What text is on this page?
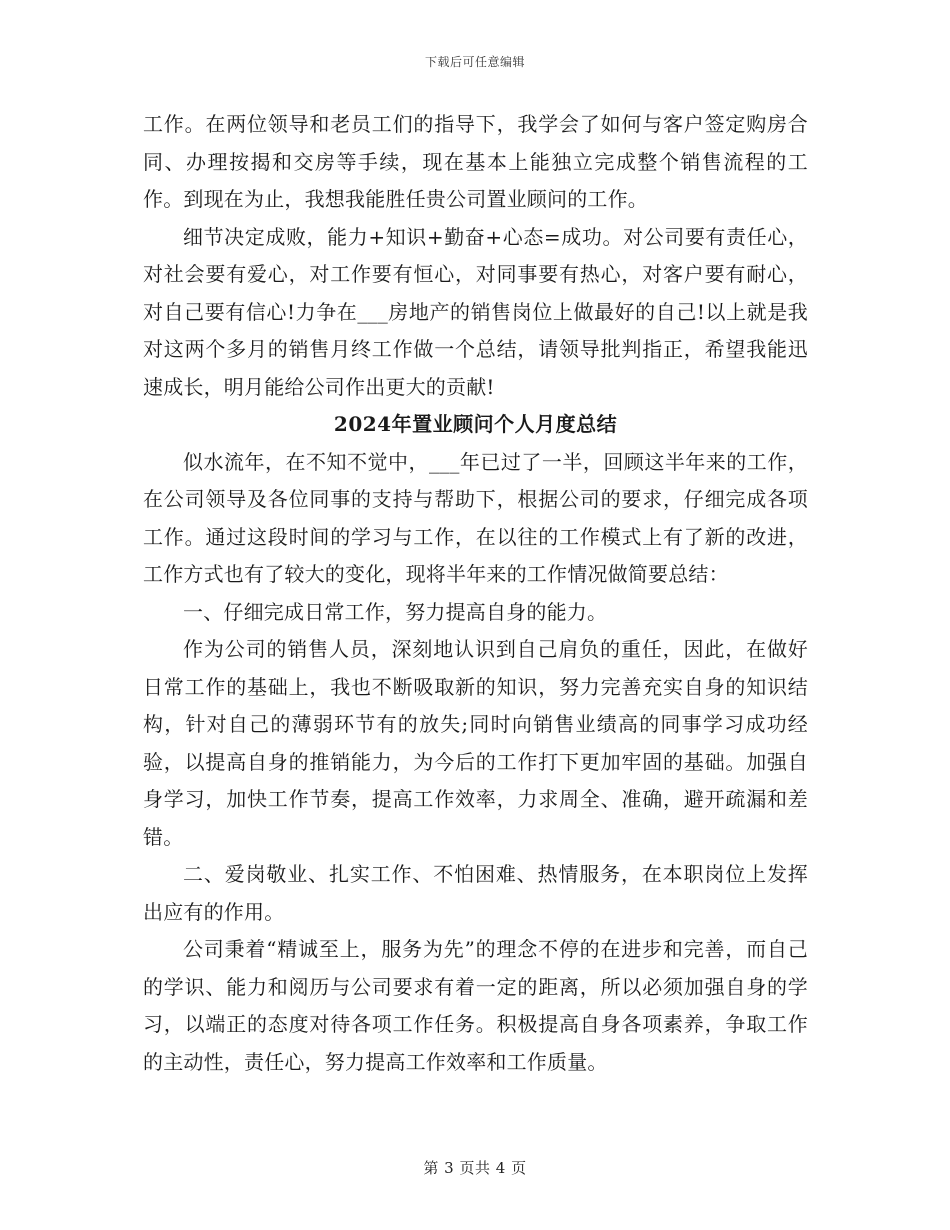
下载后可任意编辑

工作。在两位领导和老员工们的指导下，我学会了如何与客户签定购房合同、办理按揭和交房等手续，现在基本上能独立完成整个销售流程的工作。到现在为止，我想我能胜任贵公司置业顾问的工作。

细节决定成败，能力+知识+勤奋+心态=成功。对公司要有责任心，对社会要有爱心，对工作要有恒心，对同事要有热心，对客户要有耐心，对自己要有信心!力争在___房地产的销售岗位上做最好的自己!以上就是我对这两个多月的销售月终工作做一个总结，请领导批判指正，希望我能迅速成长，明月能给公司作出更大的贡献!

2024年置业顾问个人月度总结

似水流年，在不知不觉中，___年已过了一半，回顾这半年来的工作，在公司领导及各位同事的支持与帮助下，根据公司的要求，仔细完成各项工作。通过这段时间的学习与工作，在以往的工作模式上有了新的改进，工作方式也有了较大的变化，现将半年来的工作情况做简要总结：

一、仔细完成日常工作，努力提高自身的能力。

作为公司的销售人员，深刻地认识到自己肩负的重任，因此，在做好日常工作的基础上，我也不断吸取新的知识，努力完善充实自身的知识结构，针对自己的薄弱环节有的放失;同时向销售业绩高的同事学习成功经验，以提高自身的推销能力，为今后的工作打下更加牢固的基础。加强自身学习，加快工作节奏，提高工作效率，力求周全、准确，避开疏漏和差错。

二、爱岗敬业、扎实工作、不怕困难、热情服务，在本职岗位上发挥出应有的作用。

公司秉着“精诚至上，服务为先”的理念不停的在进步和完善，而自己的学识、能力和阅历与公司要求有着一定的距离，所以必须加强自身的学习，以端正的态度对待各项工作任务。积极提高自身各项素养，争取工作的主动性，责任心，努力提高工作效率和工作质量。

第 3 页共 4 页
